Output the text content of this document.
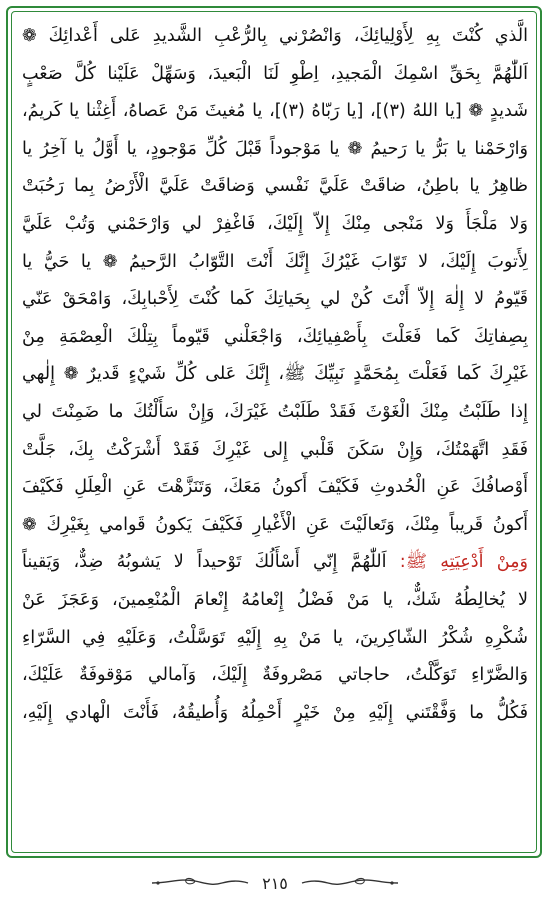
الَّذي كُنْتَ بِهِ لِأَوْلِيائِكَ، وَانْصُرْني بِالرُّعْبِ الشَّديدِ عَلى أَعْدائِكَ ❁
اَللّٰهُمَّ بِحَقِّ اسْمِكَ الْمَجيدِ، اِطْوِ لَنَا الْبَعيدَ، وَسَهِّلْ عَلَيْنا كُلَّ صَعْبٍ
شَديدٍ ❁ [يا اللهُ (٣)]، [يا رَبّاهُ (٣)]، يا مُغيثَ مَنْ عَصاهُ، أَغِثْنا يا كَريمُ،
وَارْحَمْنا يا بَرُّ يا رَحيمُ ❁ يا مَوْجوداً قَبْلَ كُلِّ مَوْجودٍ، يا أَوَّلُ يا آخِرُ يا
ظاهِرُ يا باطِنُ، ضاقَتْ عَلَيَّ نَفْسي وَضاقَتْ عَلَيَّ الْأَرْضُ بِما رَحُبَتْ
وَلا مَلْجَأَ وَلا مَنْجى مِنْكَ إِلاّ إِلَيْكَ، فَاغْفِرْ لي وَارْحَمْني وَتُبْ عَلَيَّ
لِأَتوبَ إِلَيْكَ، لا تَوّابَ غَيْرُكَ إِنَّكَ أَنْتَ التَّوّابُ الرَّحيمُ ❁ يا حَيُّ يا
قَيّومُ لا إِلٰهَ إِلاّ أَنْتَ كُنْ لي بِحَياتِكَ كَما كُنْتَ لِأَحْبابِكَ، وَامْحَقْ عَنّي
بِصِفاتِكَ كَما فَعَلْتَ بِأَصْفِيائِكَ، وَاجْعَلْني قَيّوماً بِتِلْكَ الْعِصْمَةِ مِنْ
غَيْرِكَ كَما فَعَلْتَ بِمُحَمَّدٍ نَبِيِّكَ ﷺ، إِنَّكَ عَلى كُلِّ شَيْءٍ قَديرٌ ❁ إِلٰهي
إِذا طَلَبْتُ مِنْكَ الْغَوْثَ فَقَدْ طَلَبْتُ غَيْرَكَ، وَإِنْ سَأَلْتُكَ ما ضَمِنْتَ لي
فَقَدِ اتَّهَمْتُكَ، وَإِنْ سَكَنَ قَلْبي إِلى غَيْرِكَ فَقَدْ أَشْرَكْتُ بِكَ، جَلَّتْ
أَوْصافُكَ عَنِ الْحُدوثِ فَكَيْفَ أَكونُ مَعَكَ، وَتَنَزَّهْتَ عَنِ الْعِلَلِ فَكَيْفَ
أَكونُ قَريباً مِنْكَ، وَتَعالَيْتَ عَنِ الْأَغْيارِ فَكَيْفَ يَكونُ قَوامي بِغَيْرِكَ ❁
وَمِنْ أَدْعِيَتِهِ ﷺ: اَللّٰهُمَّ إِنّي أَسْأَلُكَ تَوْحيداً لا يَشوبُهُ ضِدٌّ، وَيَقيناً
لا يُخالِطُهُ شَكٌّ، يا مَنْ فَضْلُ إِنْعامُهُ إِنْعامَ الْمُنْعِمينَ، وَعَجَزَ عَنْ
شُكْرِهِ شُكْرُ الشّاكِرينَ، يا مَنْ بِهِ إِلَيْهِ تَوَسَّلْتُ، وَعَلَيْهِ فِي السَّرّاءِ
وَالضَّرّاءِ تَوَكَّلْتُ، حاجاتي مَصْروفَةٌ إِلَيْكَ، وَآمالي مَوْقوفَةٌ عَلَيْكَ،
فَكُلُّ ما وَفَّقْتَني إِلَيْهِ مِنْ خَيْرٍ أَحْمِلُهُ وَأُطيقُهُ، فَأَنْتَ الْهادي إِلَيْهِ،
٢١٥
